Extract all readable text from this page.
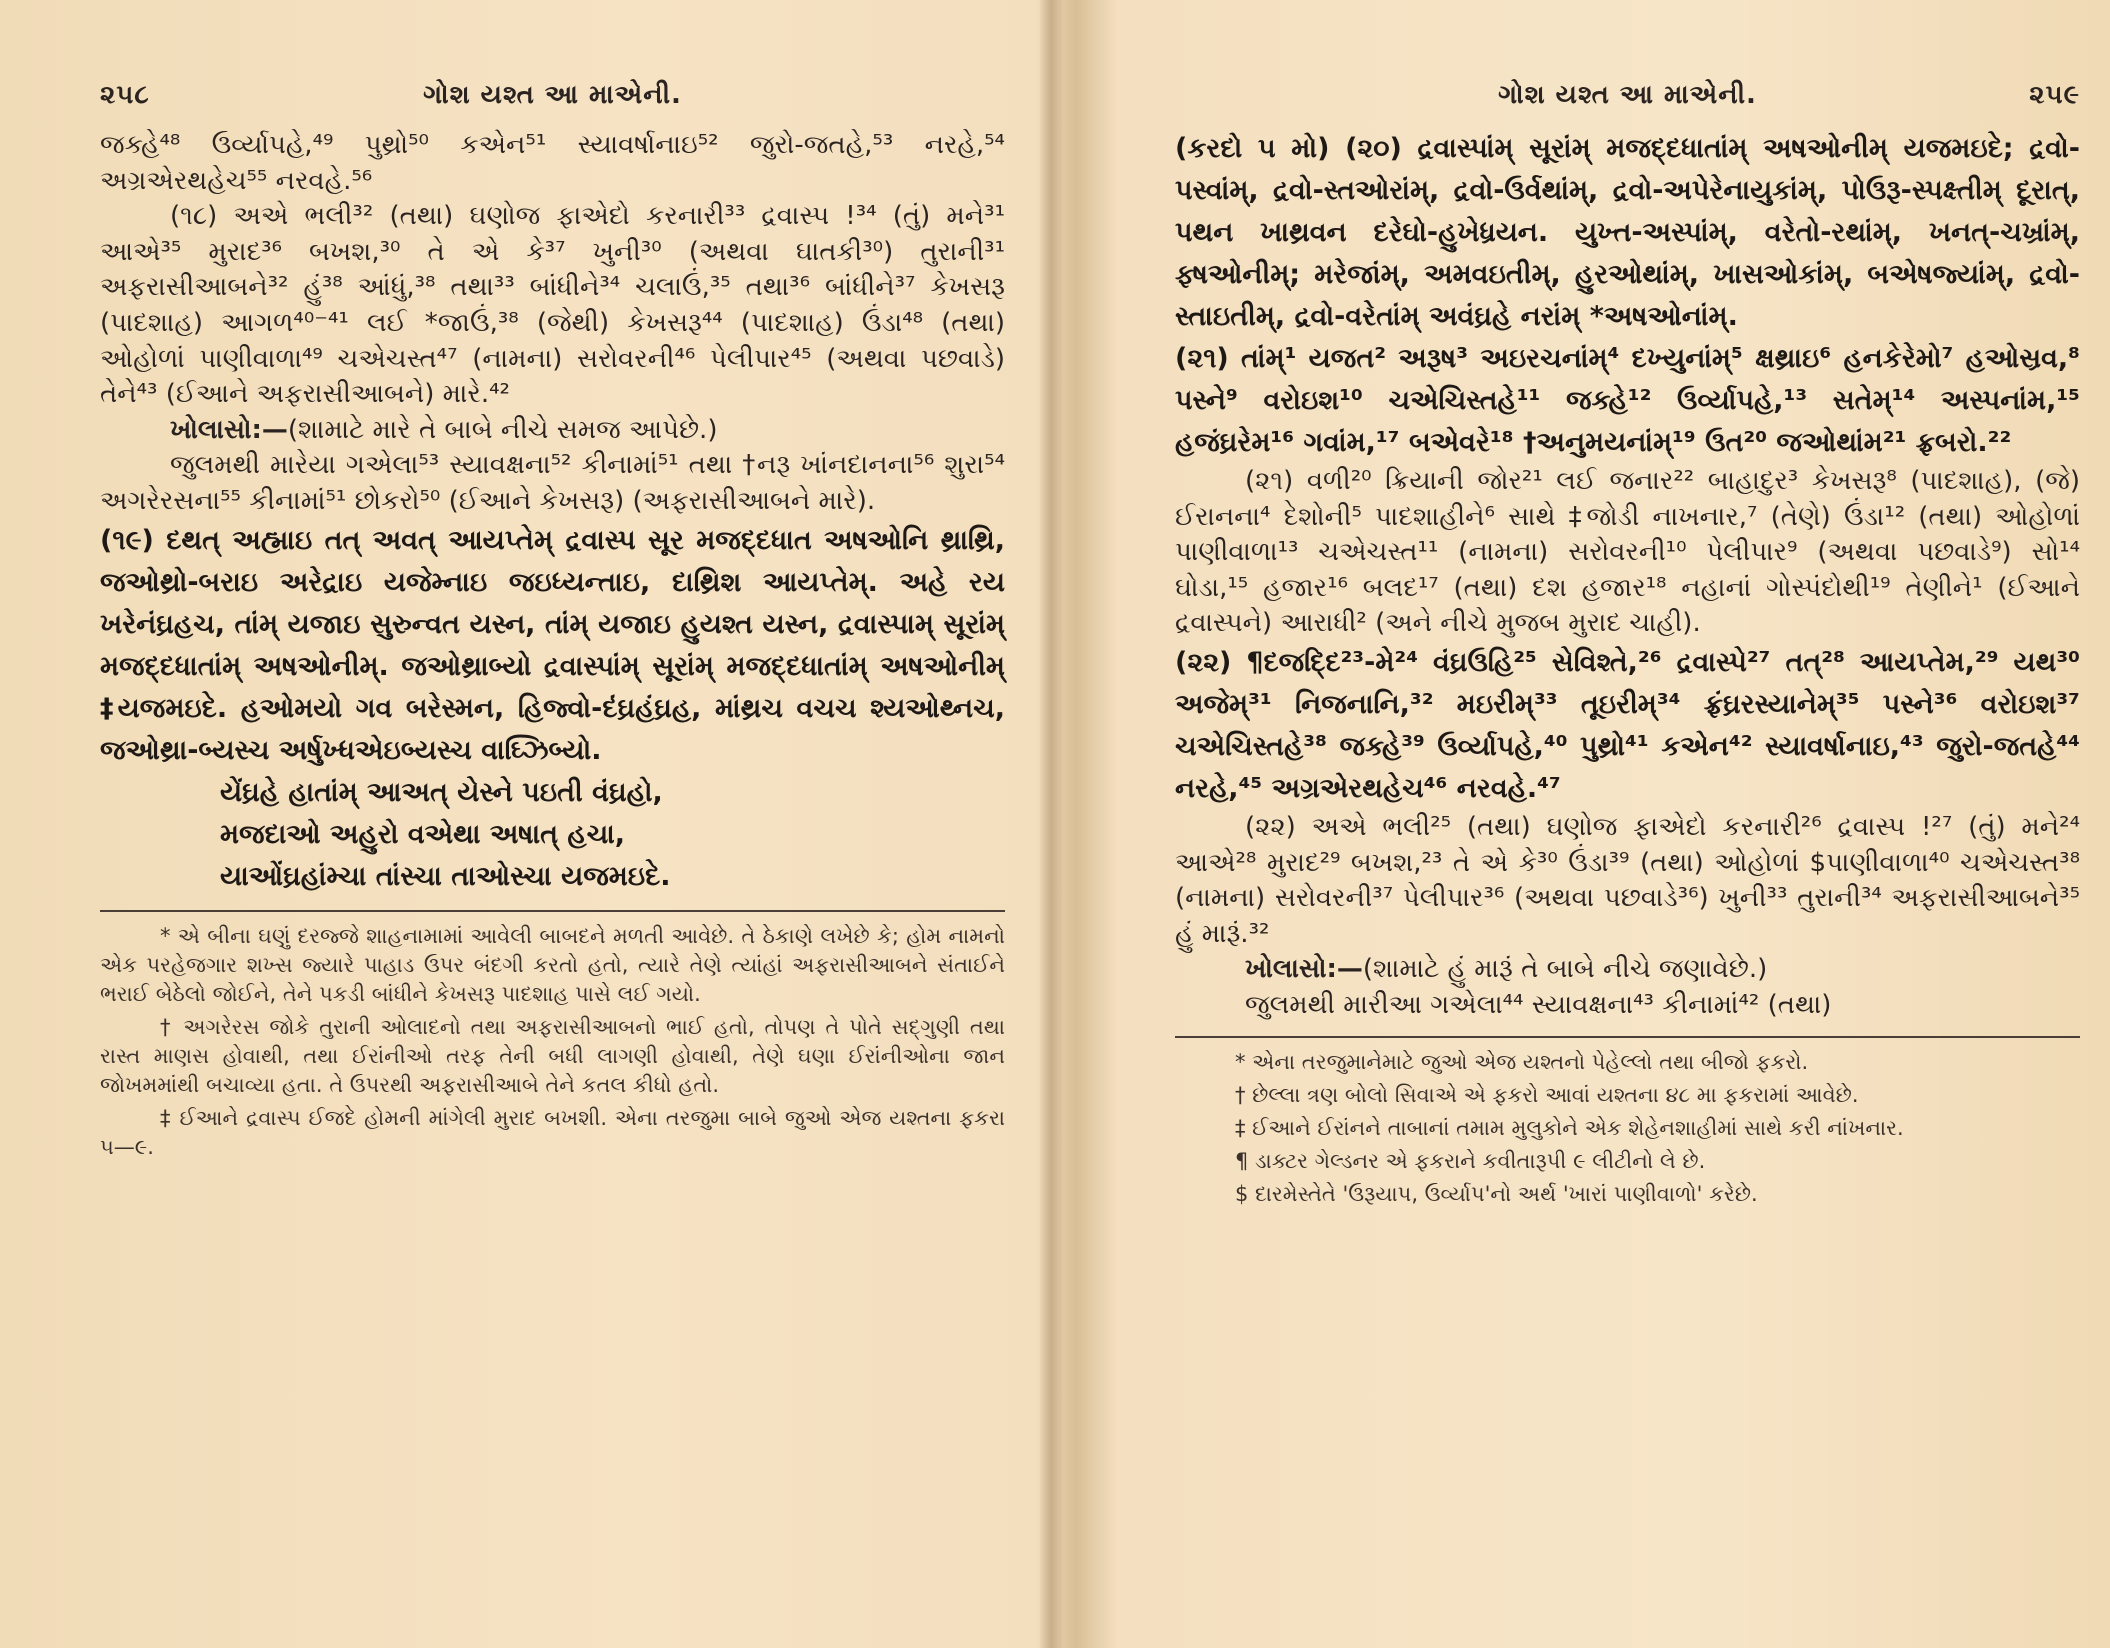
૨૫૮	ગોશ યશ્ત આ માએની.

જક્હે⁴⁸ ઉર્વ્યાપહે,⁴⁹ પુથ્રો⁵⁰ કએન⁵¹ સ્યાવર્ષાનાઇ⁵² જુરો-જતહે,⁵³ નરહે,⁵⁴ અગ્રએરથહેચ⁵⁵ નરવહે.⁵⁶

(૧૮) અએ ભલી³² (તથા) ઘણોજ ફાએદો કરનારી³³ દ્રવાસ્પ !³⁴ (તું) મને³¹ આએ³⁵ મુરાદ³⁶ બખશ,³⁰ તે એ કે³⁷ ખુની³⁰ (અથવા ઘાતકી³⁰) તુરાની³¹ અફરાસીઆબને³² હું³⁸ આંધું,³⁸ તથા³³ બાંધીને³⁴ ચલાઉં,³⁵ તથા³⁶ બાંધીને³⁷ કેખસરૂ (પાદશાહ) આગળ⁴⁰⁻⁴¹ લઈ *જાઉં,³⁸ (જેથી) કેખસરૂ⁴⁴ (પાદશાહ) ઉંડા⁴⁸ (તથા) ઓહોળાં પાણીવાળા⁴⁹ ચએચસ્ત⁴⁷ (નામના) સરોવરની⁴⁶ પેલીપાર⁴⁵ (અથવા પછવાડે) તેને⁴³ (ઈઆને અફરાસીઆબને) મારે.⁴²

ખોલાસો:—(શામાટે મારે તે બાબે નીચે સમજ આપેછે.)

જુલમથી મારેયા ગએલા⁵³ સ્યાવક્ષના⁵² કીનામાં⁵¹ તથા †નરૂ ખાંનદાનના⁵⁶ શુરા⁵⁴ અગરેરસના⁵⁵ કીનામાં⁵¹ છોકરો⁵⁰ (ઈઆને કેખસરૂ) (અફરાસીઆબને મારે).

(૧૯) દથત્ અહ્માઇ તત્ અવત્ આયપ્તેમ્ દ્રવાસ્પ સૂર મજદ્દધાત અષઓનિ થ્રાથ્રિ, જઓથ્રો-બરાઇ અરેદ્રાઇ યજેમ્નાઇ જઇધ્યન્તાઇ, દાથ્રિશ આયપ્તેમ્. અહે રય ખરેનંઘ્રહચ, તાંમ્ યજાઇ સુરુન્વત યસ્ન, તાંમ્ યજાઇ હુયશ્ત યસ્ન, દ્રવાસ્પામ્ સૂરાંમ્ મજદ્દધાતાંમ્ અષઓનીમ્. જઓથ્રાબ્યો દ્રવાસ્પાંમ્ સૂરાંમ્ મજદ્દધાતાંમ્ અષઓનીમ્ ‡યજમઇદે. હઓમયો ગવ બરેસ્મન, હિજ્વો-દંઘ્રહંઘ્રહ, માંથ્રચ વચચ શ્યઓથ્નચ, જઓથ્રા-બ્યસ્ચ અર્ષુખ્ધએઇબ્યસ્ચ વાઘ્ઝિબ્યો.

યેંઘ્રહે હાતાંમ્ આઅત્ યેસ્ને પઇતી વંઘ્રહો,

મજદાઓ અહુરો વએથા અષાત્ હચા,

યાઓંઘ્રહાંમ્ચા તાંસ્ચા તાઓસ્ચા યજમઇદે.

* એ બીના ઘણું દરજ્જે શાહનામામાં આવેલી બાબદને મળતી આવેછે. તે ઠેકાણે લખેછે કે; હોમ નામનો એક પરહેજગાર શખ્સ જ્યારે પાહાડ ઉપર બંદગી કરતો હતો, ત્યારે તેણે ત્યાંહાં અફરાસીઆબને સંતાઈને ભરાઈ બેઠેલો જોઈને, તેને પકડી બાંધીને કેખસરૂ પાદશાહ પાસે લઈ ગયો.

† અગરેરસ જોકે તુરાની ઓલાદનો તથા અફરાસીઆબનો ભાઈ હતો, તોપણ તે પોતે સદ્ગુણી તથા રાસ્ત માણસ હોવાથી, તથા ઈરાંનીઓ તરફ તેની બધી લાગણી હોવાથી, તેણે ઘણા ઈરાંનીઓના જાન જોખમમાંથી બચાવ્યા હતા. તે ઉપરથી અફરાસીઆબે તેને કતલ કીધો હતો.

‡ ઈઆને દ્રવાસ્પ ઈજદે હોમની માંગેલી મુરાદ બખશી. એના તરજુમા બાબે જુઓ એજ યશ્તના ફકરા ૫—૯.

ગોશ યશ્ત આ માએની.	૨૫૯

(કરદો ૫ મો) (૨૦) દ્રવાસ્પાંમ્ સૂરાંમ્ મજદ્દધાતાંમ્ અષઓનીમ્ યજમઇદે; દ્રવો-પસ્વાંમ્, દ્રવો-સ્તઓરાંમ્, દ્રવો-ઉર્વથાંમ્, દ્રવો-અપેરેનાયુકાંમ્, પોઉરૂ-સ્પક્ષ્તીમ્ દૂરાત્, પથન ખાથ્રવન દરેઘો-હુખેધ્રયન. યુખ્ત-અસ્પાંમ્, વરેતો-રથાંમ્, ખનત્-ચખ્રાંમ્, ફ્ષઓનીમ્; મરેજાંમ્, અમવઇતીમ્, હુરઓથાંમ્, ખાસઓકાંમ્, બએષજ્યાંમ્, દ્રવો-સ્તાઇતીમ્, દ્રવો-વરેતાંમ્ અવંઘ્રહે નરાંમ્ *અષઓનાંમ્.

(૨૧) તાંમ્¹ યજત² અરૂષ³ અઇરચનાંમ્⁴ દખ્યુનાંમ્⁵ ક્ષથ્રાઇ⁶ હનકેરેમો⁷ હઓસ્રવ,⁸ પસ્ને⁹ વરોઇશ¹⁰ ચએચિસ્તહે¹¹ જક્હે¹² ઉર્વ્યાપહે,¹³ સતેમ્¹⁴ અસ્પનાંમ,¹⁵ હજંઘ્રરેમ¹⁶ ગવાંમ,¹⁷ બએવરે¹⁸ †અનુમયનાંમ્¹⁹ ઉત²⁰ જઓથાંમ²¹ ફ્રબરો.²²

(૨૧) વળી²⁰ ક્રિયાની જોર²¹ લઈ જનાર²² બાહાદુર³ કેખસરૂ⁸ (પાદશાહ), (જે) ઈરાનના⁴ દેશોની⁵ પાદશાહીને⁶ સાથે ‡જોડી નાખનાર,⁷ (તેણે) ઉંડા¹² (તથા) ઓહોળાં પાણીવાળા¹³ ચએચસ્ત¹¹ (નામના) સરોવરની¹⁰ પેલીપાર⁹ (અથવા પછવાડે⁹) સો¹⁴ ઘોડા,¹⁵ હજાર¹⁶ બલદ¹⁷ (તથા) દશ હજાર¹⁸ નહાનાં ગોસ્પંદોથી¹⁹ તેણીને¹ (ઈઆને દ્રવાસ્પને) આરાધી² (અને નીચે મુજબ મુરાદ ચાહી).

(૨૨) ¶દજદ્દિ²³-મે²⁴ વંઘ્રઉહિ²⁵ સેવિશ્તે,²⁶ દ્રવાસ્પે²⁷ તત્²⁸ આયપ્તેમ,²⁹ યથ³⁰ અજેમ્³¹ નિજનાનિ,³² મઇરીમ્³³ તૂઇરીમ્³⁴ ફ્રંઘ્રરસ્યાનેમ્³⁵ પસ્ને³⁶ વરોઇશ³⁷ ચએચિસ્તહે³⁸ જક્હે³⁹ ઉર્વ્યાપહે,⁴⁰ પુથ્રો⁴¹ કએન⁴² સ્યાવર્ષાનાઇ,⁴³ જુરો-જતહે⁴⁴ નરહે,⁴⁵ અગ્રએરથહેચ⁴⁶ નરવહે.⁴⁷

(૨૨) અએ ભલી²⁵ (તથા) ઘણોજ ફાએદો કરનારી²⁶ દ્રવાસ્પ !²⁷ (તું) મને²⁴ આએ²⁸ મુરાદ²⁹ બખશ,²³ તે એ કે³⁰ ઉંડા³⁹ (તથા) ઓહોળાં $પાણીવાળા⁴⁰ ચએચસ્ત³⁸ (નામના) સરોવરની³⁷ પેલીપાર³⁶ (અથવા પછવાડે³⁶) ખુની³³ તુરાની³⁴ અફરાસીઆબને³⁵ હું મારૂં.³²

ખોલાસો:—(શામાટે હું મારૂં તે બાબે નીચે જણાવેછે.)

જુલમથી મારીઆ ગએલા⁴⁴ સ્યાવક્ષના⁴³ કીનામાં⁴² (તથા)

* એના તરજુમાનેમાટે જુઓ એજ યશ્તનો પેહેલ્લો તથા બીજો ફકરો.

† છેલ્લા ત્રણ બોલો સિવાએ એ ફકરો આવાં યશ્તના ૪૮ મા ફકરામાં આવેછે.

‡ ઈઆને ઈરાંનને તાબાનાં તમામ મુલુકોને એક શેહેનશાહીમાં સાથે કરી નાંખનાર.

¶ ડાક્ટર ગેલ્ડનર એ ફકરાને કવીતારૂપી ૯ લીટીનો લે છે.

$ દારમેસ્તેતે 'ઉરૂયાપ, ઉર્વ્યાપ'નો અર્થ 'ખારાં પાણીવાળો' કરેછે.
